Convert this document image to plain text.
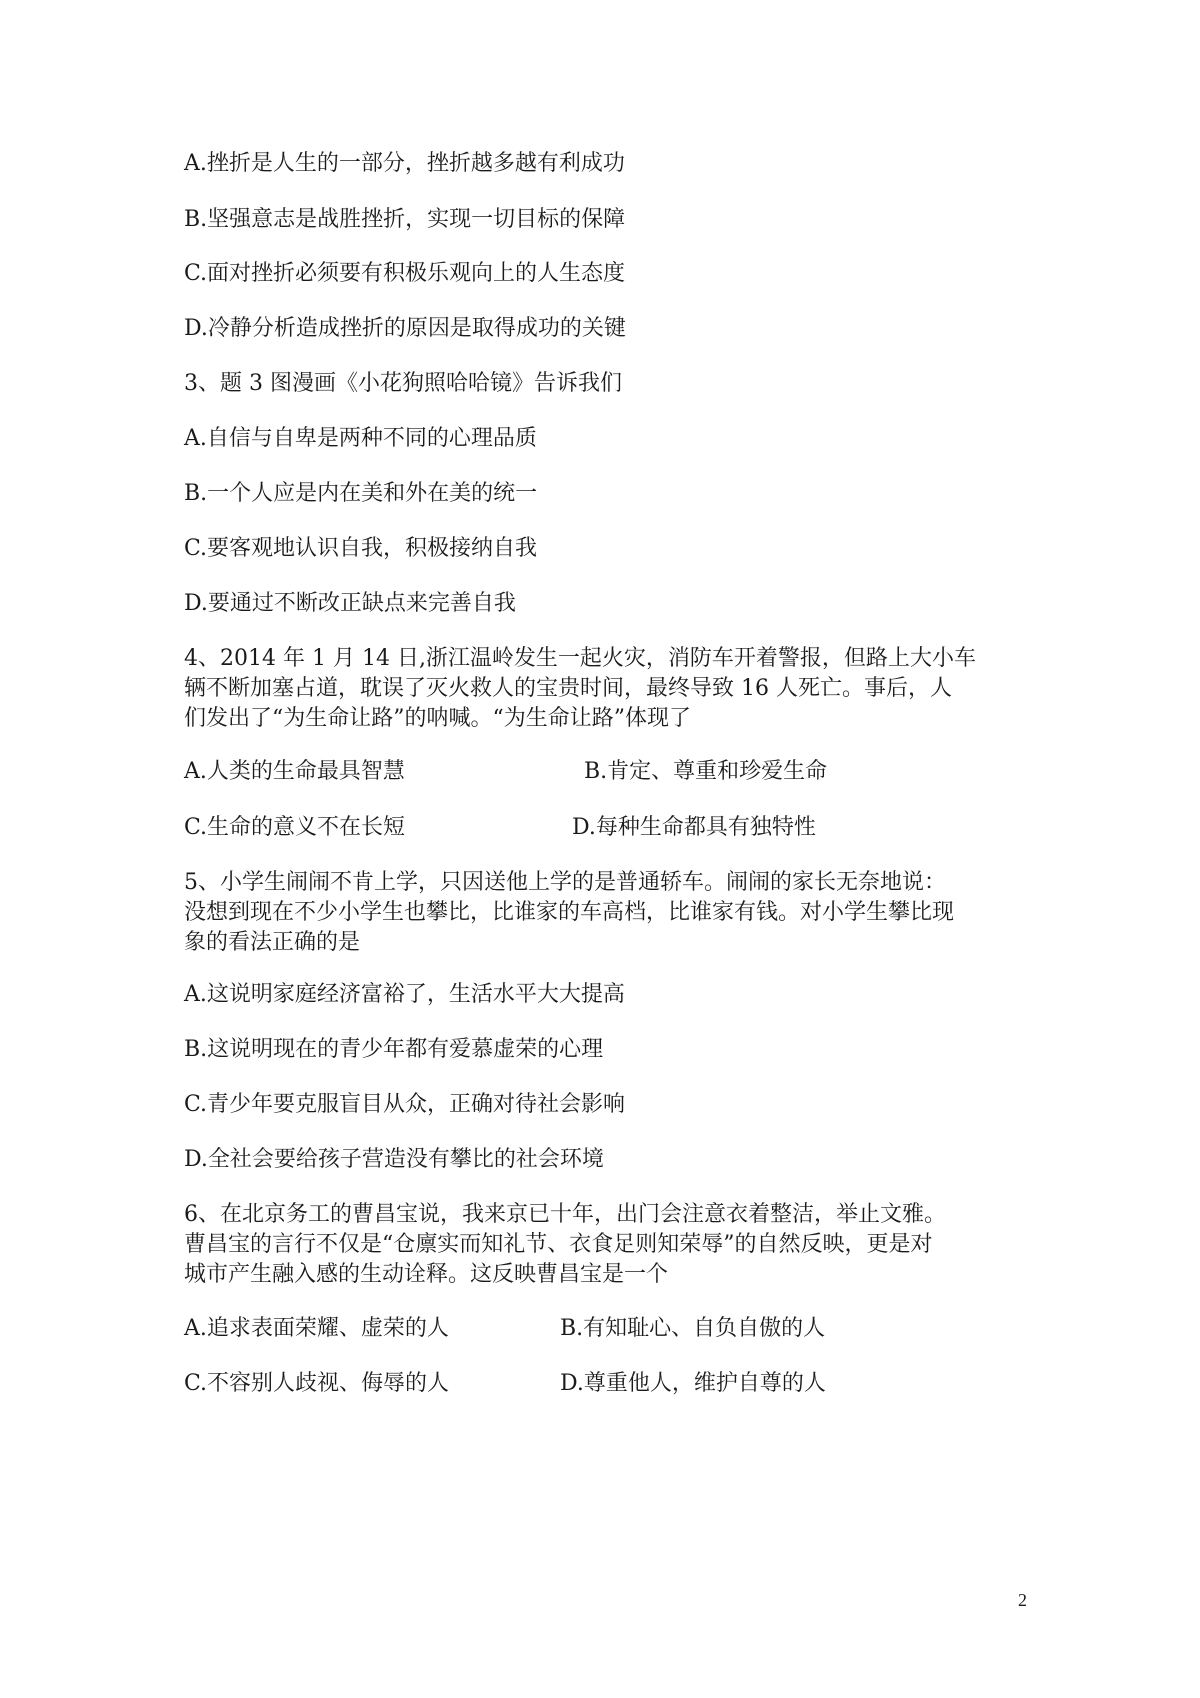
A.挫折是人生的一部分，挫折越多越有利成功
B.坚强意志是战胜挫折，实现一切目标的保障
C.面对挫折必须要有积极乐观向上的人生态度
D.冷静分析造成挫折的原因是取得成功的关键
3、题 3 图漫画《小花狗照哈哈镜》告诉我们
A.自信与自卑是两种不同的心理品质
B.一个人应是内在美和外在美的统一
C.要客观地认识自我，积极接纳自我
D.要通过不断改正缺点来完善自我
4、2014 年 1 月 14 日,浙江温岭发生一起火灾，消防车开着警报，但路上大小车
辆不断加塞占道，耽误了灭火救人的宝贵时间，最终导致 16 人死亡。事后，人
们发出了“为生命让路”的呐喊。“为生命让路”体现了
A.人类的生命最具智慧	B.肯定、尊重和珍爱生命
C.生命的意义不在长短	D.每种生命都具有独特性
5、小学生闹闹不肯上学，只因送他上学的是普通轿车。闹闹的家长无奈地说：
没想到现在不少小学生也攀比，比谁家的车高档，比谁家有钱。对小学生攀比现
象的看法正确的是
A.这说明家庭经济富裕了，生活水平大大提高
B.这说明现在的青少年都有爱慕虚荣的心理
C.青少年要克服盲目从众，正确对待社会影响
D.全社会要给孩子营造没有攀比的社会环境
6、在北京务工的曹昌宝说，我来京已十年，出门会注意衣着整洁，举止文雅。
曹昌宝的言行不仅是“仓廪实而知礼节、衣食足则知荣辱”的自然反映，更是对
城市产生融入感的生动诠释。这反映曹昌宝是一个
A.追求表面荣耀、虚荣的人	B.有知耻心、自负自傲的人
C.不容别人歧视、侮辱的人	D.尊重他人，维护自尊的人
2
